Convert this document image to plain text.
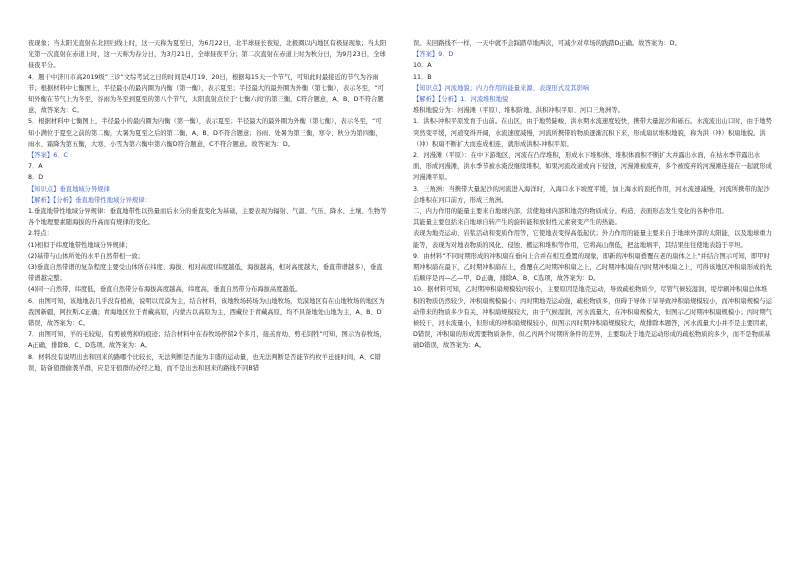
夜现象；当太阳光直射在北回归线上时，这一天称为夏至日，为6月22日，北半球昼长夜短，北极圈以内地区有极昼现象；当太阳光第一次直射在赤道上时，这一天称为春分日，为3月21日，全球昼夜平分；第二次直射在赤道上时为秋分日，为9月23日，全球昼夜平分。

4．题干中济川市高2019级“三诊”文综考试之日的时间是4月19、20日，根据每15天一个节气，可知此时最接近的节气为谷雨节；根据材料中七衡图上，半径最小的最内圈为内衡（第一衡），表示夏至；半径最大的最外圈为外衡（第七衡），表示冬至，“可知外衡在节气上为冬至，谷雨为冬至到夏至的第八个节气，太阳直射点位于‘七衡六间’的第三衡，C符合题意，A、B、D不符合题意，故答案为：C。

5．根据材料中七衡图上，半径最小的最内圈为内衡（第一衡），表示夏至；半径最大的最外圈为外衡（第七衡），表示冬至，“可知小满位于夏至之前的第二衡，大暑为夏至之后的第二衡，A、B、D不符合题意；谷雨、处暑为第三衡，寒令、秋分为第四衡，雨水、霜降为第五衡，大寒、小雪为第六衡中第六衡D符合题意，C不符合题意。故答案为：D。

【答案】6．C

7．A

8．D

【知识点】垂直地域分异规律

【解析】【分析】垂直地带性地域分异规律：

1.垂直地带性地域分异规律：垂直地带性以热量而后水分的垂直变化为基础，主要表现为辐射、气温、气压、降水、土壤、生物等各个地理要素随海拔的升高而有规律的变化。

2.特点：

(1)相似于纬度地带性地域分异规律；

(2)基带与山体所处的水平自然带相一致；

(3)垂直自然带谱的复杂程度主要受山体所在纬度、海拔、相对高度(纬度越低，海拔越高，相对高度越大，垂直带谱越多），垂直带谱越完整；

(4)同一自然带，纬度低，垂直自然带分布海拔高度越高，纬度高，垂直自然带分布海拔高度越低。

6．由图可知，该地地表几乎没有植被，说明以荒漠为主，结合材料，该地牧场转场为山地牧场，荒漠地区有在山地牧场的地区为我国新疆，阿拉斯,C正确；青海地区位于青藏高原，内蒙古以高原为主，西藏位于青藏高原，均不具备地处山地为主，A、B、D错误，故答案为：C。

7．由图可知，羊的毛较短，有剪被剪掉的痕迹；结合材料中在春牧场停留2个多月，接羔育幼、剪毛饲牲”可知，图示为春牧场，A正确，排除B、C、D选项。故答案为：A。

8．材料没有说明出去和回来的路哪个比较长，无法判断是否能为丰盛的运动量，也无法判断是否能节约枚羊迁徙时间，A、C错误，防备狼群偷袭羊群，应是牙狼群的必经之地，而不是出去和回来的路线不同B错

误。夹回路线不一样，一天中就不会踩踏草地两次，可减少对草场的践踏D正确。故答案为：D。

【答案】9．D

10．A

11．B

【知识点】河流地貌；内力作用的能量来源、表现形式及其影响

【解析】【分析】1．河流堆积地貌

堆积地貌分为：河漫滩（平原）、堆积阶地、洪积冲积平原、河口三角洲等。

1．洪积-冲积平原发育于山前。在山区，由于地势陡峻，洪水期水流速度较快，携带大量泥沙和砾石。水流流出山口时，由于地势突然变平缓，河道变得开阔，水流速度减慢，河流所携带的物质逐渐沉积下来，形成扇状堆积地貌，称为洪（冲）积扇地貌。洪（冲）积扇不断扩大而连成相连，就形成洪积-冲积平原。

2．河漫滩（平原）：在中下游地区，河流在凸岸堆积，形成水下堆积体，堆积体面积不断扩大并露出水面，在枯水季节露出水面，形成河漫滩，洪水季节被水淹没继续堆积，如果河流改道或向下侵蚀，河漫滩被废弃，多个被废弃的河漫滩连接在一起就形成河漫滩平原。

3．三角洲：当携带大量泥沙的河流进入海洋时，入海口水下坡度平缓，加上海水的顶托作用，河水流速减慢，河流所携带的泥沙会堆积在河口前方，形成三角洲。

二、内力作用的能量主要来自地球内部，营使地球内部和地壳的物质成分、构造、表面形态发生变化的各种作用。

其能量主要包括来自地球自转产生的旋转能和放射性元素衰变产生的热能。

表现为地壳运动、岩浆活动和变质作用等，它使地表变得高低起伏；外力作用的能量主要来自于地球外部的太阳能，以及地球重力能等，表现为对地表物质的风化、侵蚀、搬运和堆积等作用，它将高山削低，把盆地填平，其结果往往使地表趋于平坦。

9．由材料“不同时期形成的冲积扇在垂向上合并在相互叠置的现象，即新的冲积扇叠覆在老的扇体之上”并结合图示可知，即甲时期冲积扇在最下，乙时期冲积扇在上，叠覆在乙时期冲积扇之上，乙时期冲积扇在丙时期冲积扇之上，可得该地区冲积扇形成的先后顺序是丙—乙—甲，D正确，排除A、B、C选项，故答案为：D。

10．据材料可知，乙时期冲积扇规模较丙较小，主要原因是地壳运动，导致疏松物质少，尽管气候较湿润，堤岸刷冲积扇总体堆积的物质仍然较少，冲积扇规模偏小；丙时期地壳运动强，疏松物质多，但碍于导体干旱导致冲积扇规模较小，而冲积扇规模与运动带来的物质多少有关，冲积扇规模较大，由于气候湿润，河水流量大，在冲积扇规模大，但图示乙时期冲积扇规模小；丙时期气候较干，河水流量小，但形成的冲积扇规模较小，但图示丙时期冲积扇规模较大，故排除本题答，河水流量大小并不是主要因素，D错误，冲积扇的形成需要物质条件，但乙丙两个时期所条件的差异，主要取决于地壳运动形成的疏松物质的多少，而不是物质基础D错误，故答案为：A。
